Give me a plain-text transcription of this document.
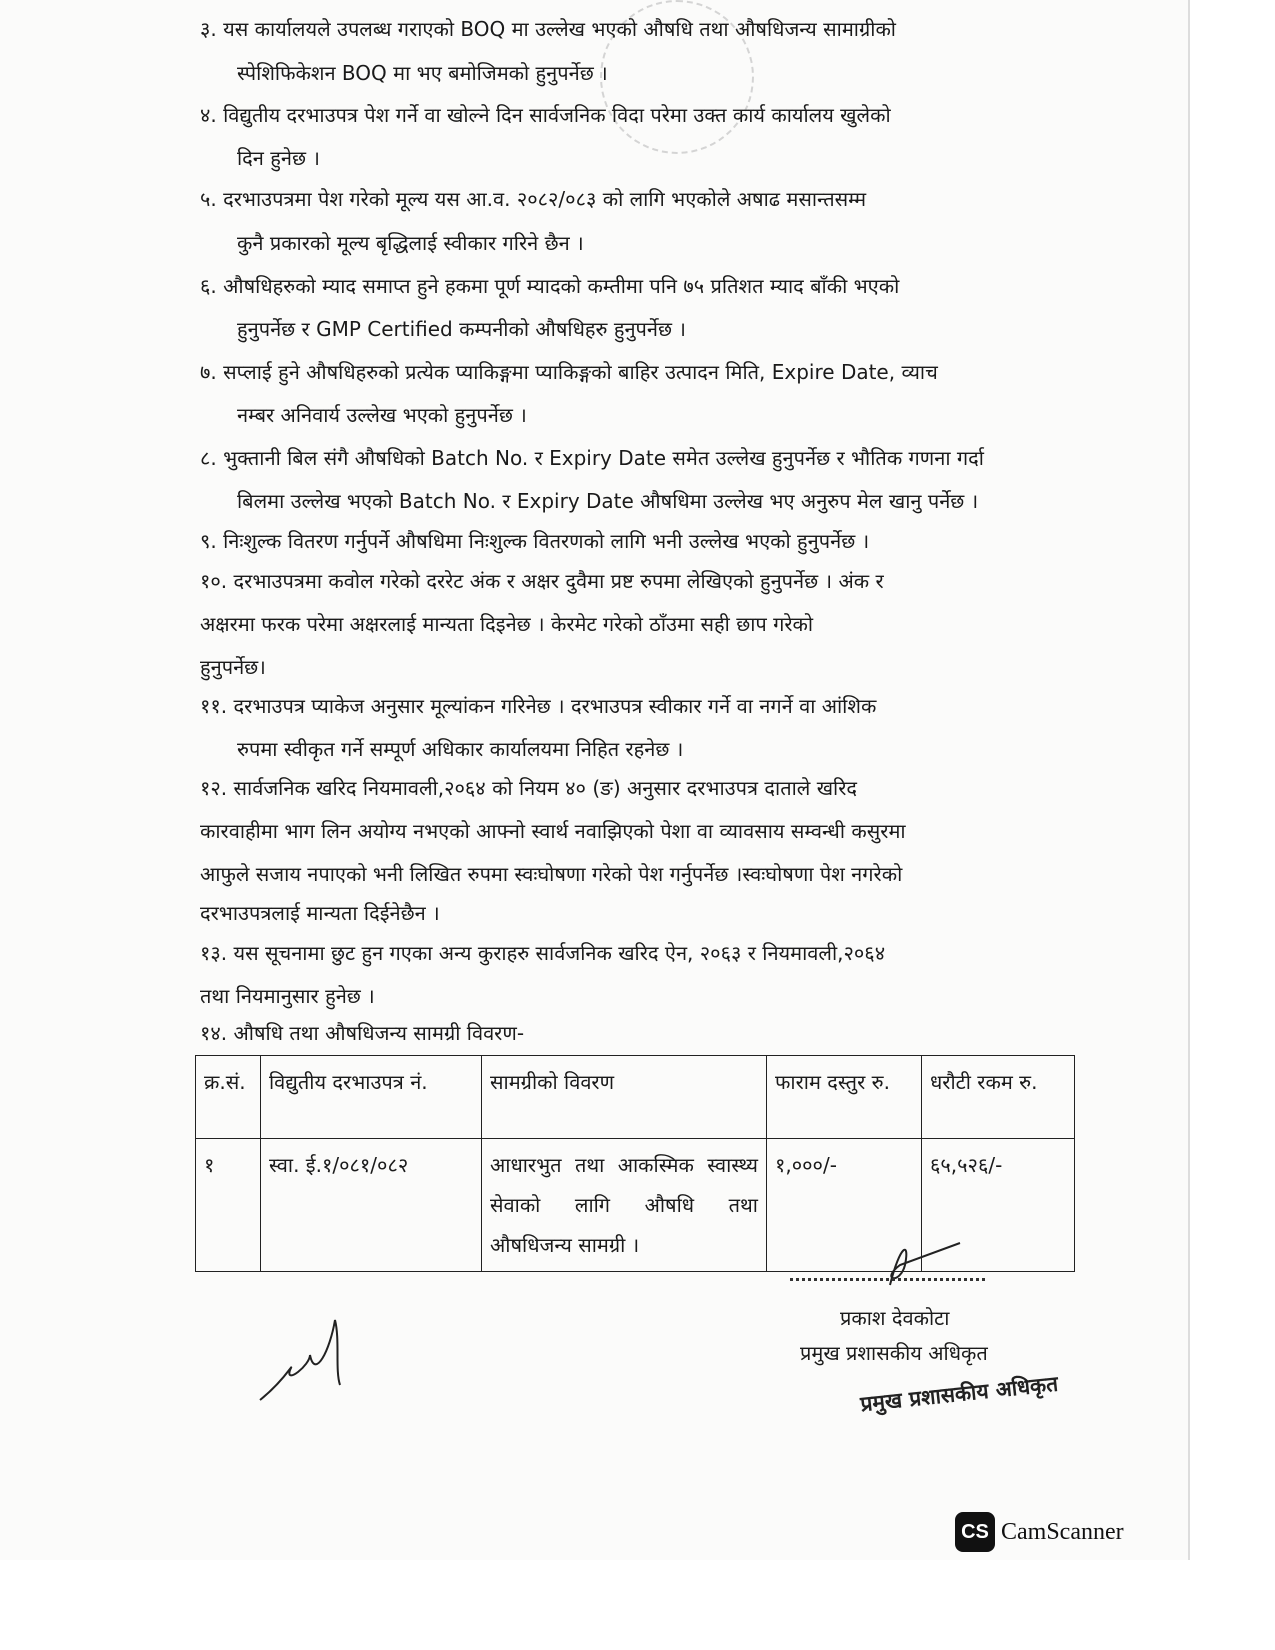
३. यस कार्यालयले उपलब्ध गराएको BOQ मा उल्लेख भएको औषधि तथा औषधिजन्य सामाग्रीको
स्पेशिफिकेशन BOQ मा भए बमोजिमको हुनुपर्नेछ ।
४. विद्युतीय दरभाउपत्र पेश गर्ने वा खोल्ने दिन सार्वजनिक विदा परेमा उक्त कार्य कार्यालय खुलेको
दिन हुनेछ ।
५. दरभाउपत्रमा पेश गरेको मूल्य यस आ.व. २०८२/०८३ को लागि भएकोले अषाढ मसान्तसम्म
कुनै प्रकारको मूल्य बृद्धिलाई स्वीकार गरिने छैन ।
६. औषधिहरुको म्याद समाप्त हुने हकमा पूर्ण म्यादको कम्तीमा पनि ७५ प्रतिशत म्याद बाँकी भएको
हुनुपर्नेछ र GMP Certified कम्पनीको औषधिहरु हुनुपर्नेछ ।
७. सप्लाई हुने औषधिहरुको प्रत्येक प्याकिङ्गमा प्याकिङ्गको बाहिर उत्पादन मिति, Expire Date, व्याच
नम्बर अनिवार्य उल्लेख भएको हुनुपर्नेछ ।
८. भुक्तानी बिल संगै औषधिको Batch No. र Expiry Date समेत उल्लेख हुनुपर्नेछ र भौतिक गणना गर्दा
बिलमा उल्लेख भएको Batch No. र Expiry Date औषधिमा उल्लेख भए अनुरुप मेल खानु पर्नेछ ।
९. निःशुल्क वितरण गर्नुपर्ने औषधिमा निःशुल्क वितरणको लागि भनी उल्लेख भएको हुनुपर्नेछ ।
१०. दरभाउपत्रमा कवोल गरेको दररेट अंक र अक्षर दुवैमा प्रष्ट रुपमा लेखिएको हुनुपर्नेछ । अंक र
अक्षरमा फरक परेमा अक्षरलाई मान्यता दिइनेछ । केरमेट गरेको ठाँउमा सही छाप गरेको
हुनुपर्नेछ।
११. दरभाउपत्र प्याकेज अनुसार मूल्यांकन गरिनेछ । दरभाउपत्र स्वीकार गर्ने वा नगर्ने वा आंशिक
रुपमा स्वीकृत गर्ने सम्पूर्ण अधिकार कार्यालयमा निहित रहनेछ ।
१२. सार्वजनिक खरिद नियमावली,२०६४ को नियम ४० (ङ) अनुसार दरभाउपत्र दाताले खरिद
कारवाहीमा भाग लिन अयोग्य नभएको आफ्नो स्वार्थ नवाझिएको पेशा वा व्यावसाय सम्वन्धी कसुरमा
आफुले सजाय नपाएको भनी लिखित रुपमा स्वःघोषणा गरेको पेश गर्नुपर्नेछ ।स्वःघोषणा पेश नगरेको
दरभाउपत्रलाई मान्यता दिईनेछैन ।
१३. यस सूचनामा छुट हुन गएका अन्य कुराहरु सार्वजनिक खरिद ऐन, २०६३ र नियमावली,२०६४
तथा नियमानुसार हुनेछ ।
१४. औषधि तथा औषधिजन्य सामग्री विवरण-
क्र.सं.	विद्युतीय दरभाउपत्र नं.	सामग्रीको विवरण	फाराम दस्तुर रु.	धरौटी रकम रु.
१	स्वा. ई.१/०८१/०८२	आधारभुत तथा आकस्मिक स्वास्थ्य सेवाको लागि औषधि तथा औषधिजन्य सामग्री ।	१,०००/-	६५,५२६/-
प्रकाश देवकोटा
प्रमुख प्रशासकीय अधिकृत
प्रमुख प्रशासकीय अधिकृत
CS CamScanner
